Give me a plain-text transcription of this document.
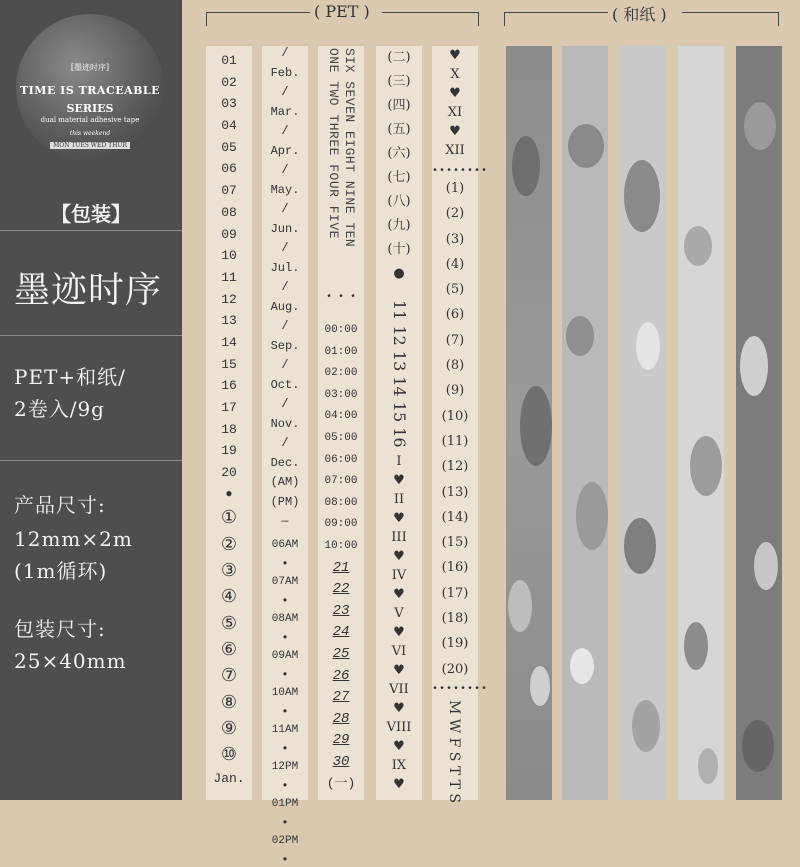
[墨迹时序]
TIME IS TRACEABLE
SERIES
dual material adhesive tape
this weekend
MON TUES WED THUR
【包装】
墨迹时序
PET+和纸/
2卷入/9g
产品尺寸:
12mm×2m
(1m循环)
包装尺寸:
25×40mm
( PET )	( 和纸 )
01
02
03
04
05
06
07
08
09
10
11
12
13
14
15
16
17
18
19
20
●
①
②
③
④
⑤
⑥
⑦
⑧
⑨
⑩
Jan.
/
Feb.
/
Mar.
/
Apr.
/
May.
/
Jun.
/
Jul.
/
Aug.
/
Sep.
/
Oct.
/
Nov.
/
Dec.
(AM)
(PM)
—
06AM
•
07AM
•
08AM
•
09AM
•
10AM
•
11AM
•
12PM
•
01PM
•
02PM
•
ONE TWO THREE FOUR FIVE SIX SEVEN EIGHT NINE TEN
• • •
00:00
01:00
02:00
03:00
04:00
05:00
06:00
07:00
08:00
09:00
10:00
21
22
23
24
25
26
27
28
29
30
(一)
(二)
(三)
(四)
(五)
(六)
(七)
(八)
(九)
(十)
●
11 12 13 14 15 16
I
♥
II
♥
III
♥
IV
♥
V
♥
VI
♥
VII
♥
VIII
♥
IX
♥
♥
X
♥
XI
♥
XII
••••••••
(1)
(2)
(3)
(4)
(5)
(6)
(7)
(8)
(9)
(10)
(11)
(12)
(13)
(14)
(15)
(16)
(17)
(18)
(19)
(20)
••••••••
M W F S T T S
